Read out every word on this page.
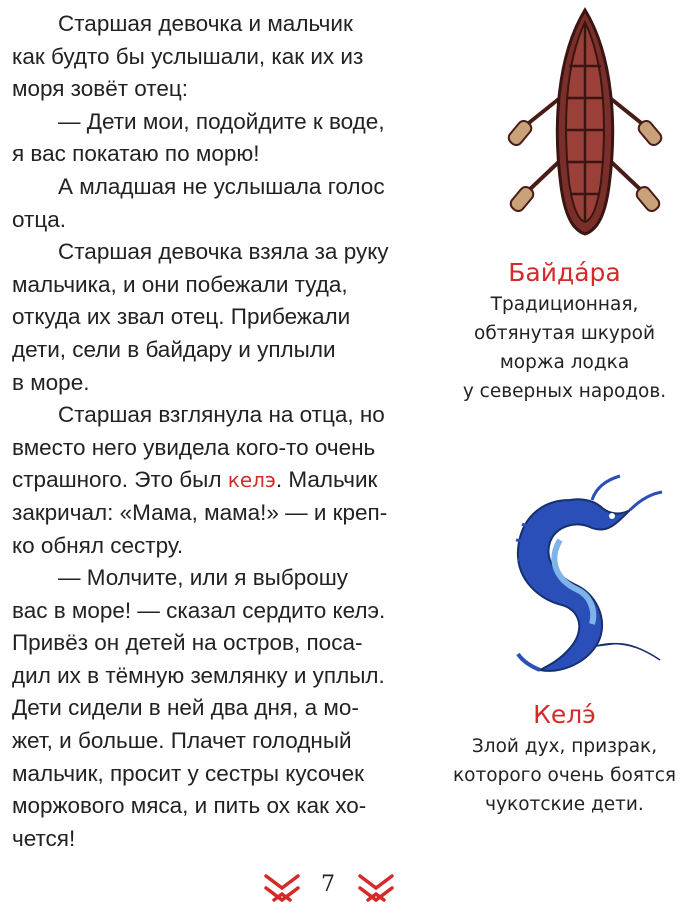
Старшая девочка и мальчик
как будто бы услышали, как их из
моря зовёт отец:

— Дети мои, подойдите к воде,
я вас покатаю по морю!

А младшая не услышала голос
отца.

Старшая девочка взяла за руку
мальчика, и они побежали туда,
откуда их звал отец. Прибежали
дети, сели в байдару и уплыли
в море.

Старшая взглянула на отца, но
вместо него увидела кого-то очень
страшного. Это был келэ. Мальчик
закричал: «Мама, мама!» — и креп-
ко обнял сестру.

— Молчите, или я выброшу
вас в море! — сказал сердито келэ.
Привёз он детей на остров, поса-
дил их в тёмную землянку и уплыл.
Дети сидели в ней два дня, а мо-
жет, и больше. Плачет голодный
мальчик, просит у сестры кусочек
моржового мяса, и пить ох как хо-
чется!

Байда́ра
Традиционная,
обтянутая шкурой
моржа лодка
у северных народов.
Келэ́
Злой дух, призрак,
которого очень боятся
чукотские дети.
7
